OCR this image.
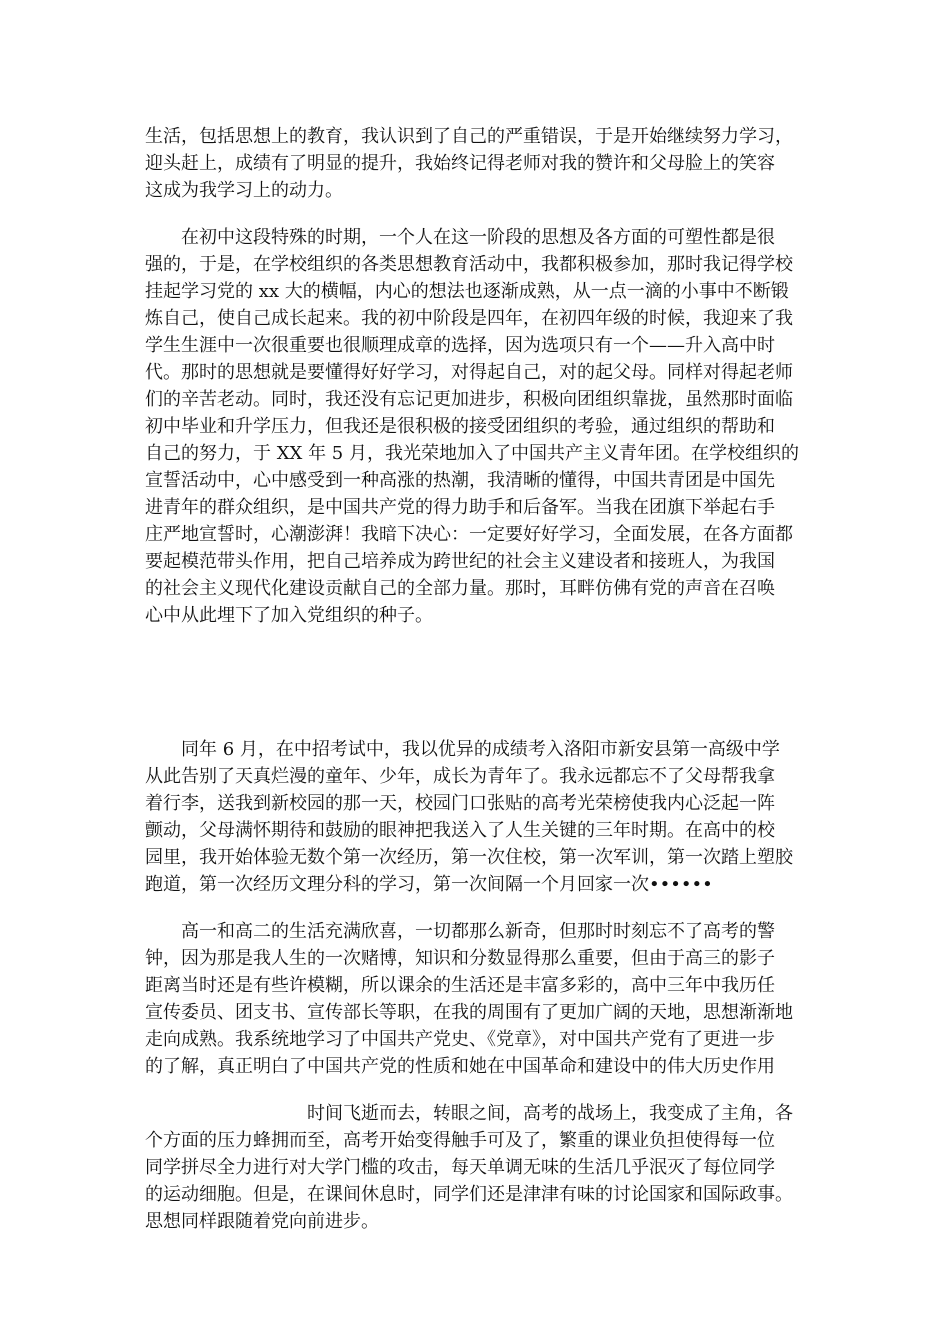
生活，包括思想上的教育，我认识到了自己的严重错误，于是开始继续努力学习，

迎头赶上，成绩有了明显的提升，我始终记得老师对我的赞许和父母脸上的笑容

这成为我学习上的动力。

在初中这段特殊的时期，一个人在这一阶段的思想及各方面的可塑性都是很

强的，于是，在学校组织的各类思想教育活动中，我都积极参加，那时我记得学校

挂起学习党的 xx 大的横幅，内心的想法也逐渐成熟，从一点一滴的小事中不断锻

炼自己，使自己成长起来。我的初中阶段是四年，在初四年级的时候，我迎来了我

学生生涯中一次很重要也很顺理成章的选择，因为选项只有一个——升入高中时

代。那时的思想就是要懂得好好学习，对得起自己，对的起父母。同样对得起老师

们的辛苦老动。同时，我还没有忘记更加进步，积极向团组织靠拢，虽然那时面临

初中毕业和升学压力，但我还是很积极的接受团组织的考验，通过组织的帮助和

自己的努力，于 XX 年 5 月，我光荣地加入了中国共产主义青年团。在学校组织的

宣誓活动中，心中感受到一种高涨的热潮，我清晰的懂得，中国共青团是中国先

进青年的群众组织，是中国共产党的得力助手和后备军。当我在团旗下举起右手

庄严地宣誓时，心潮澎湃！我暗下决心：一定要好好学习，全面发展，在各方面都

要起模范带头作用，把自己培养成为跨世纪的社会主义建设者和接班人，为我国

的社会主义现代化建设贡献自己的全部力量。那时，耳畔仿佛有党的声音在召唤

心中从此埋下了加入党组织的种子。

同年 6 月，在中招考试中，我以优异的成绩考入洛阳市新安县第一高级中学

从此告别了天真烂漫的童年、少年，成长为青年了。我永远都忘不了父母帮我拿

着行李，送我到新校园的那一天，校园门口张贴的高考光荣榜使我内心泛起一阵

颤动，父母满怀期待和鼓励的眼神把我送入了人生关键的三年时期。在高中的校

园里，我开始体验无数个第一次经历，第一次住校，第一次军训，第一次踏上塑胶

跑道，第一次经历文理分科的学习，第一次间隔一个月回家一次••••••

高一和高二的生活充满欣喜，一切都那么新奇，但那时时刻忘不了高考的警

钟，因为那是我人生的一次赌博，知识和分数显得那么重要，但由于高三的影子

距离当时还是有些许模糊，所以课余的生活还是丰富多彩的，高中三年中我历任

宣传委员、团支书、宣传部长等职，在我的周围有了更加广阔的天地，思想渐渐地

走向成熟。我系统地学习了中国共产党史、《党章》，对中国共产党有了更进一步

的了解，真正明白了中国共产党的性质和她在中国革命和建设中的伟大历史作用

时间飞逝而去，转眼之间，高考的战场上，我变成了主角，各

个方面的压力蜂拥而至，高考开始变得触手可及了，繁重的课业负担使得每一位

同学拼尽全力进行对大学门槛的攻击，每天单调无味的生活几乎泯灭了每位同学

的运动细胞。但是，在课间休息时，同学们还是津津有味的讨论国家和国际政事。

思想同样跟随着党向前进步。
